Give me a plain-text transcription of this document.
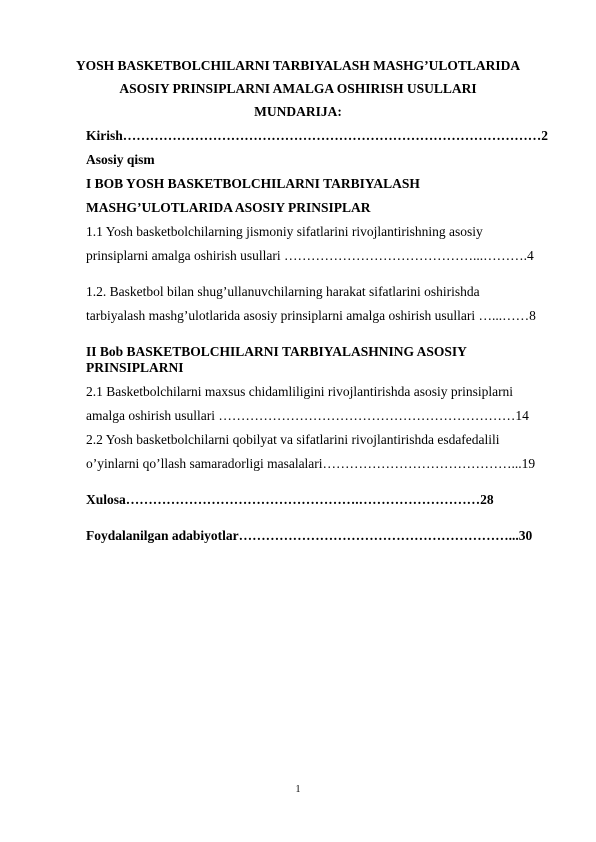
YOSH BASKETBOLCHILARNI TARBIYALASH MASHG’ULOTLARIDA
ASOSIY PRINSIPLARNI AMALGA OSHIRISH USULLARI
MUNDARIJA:
Kirish…………………………………………………………………………………2
Asosiy qism
I BOB YOSH BASKETBOLCHILARNI TARBIYALASH
MASHG’ULOTLARIDA ASOSIY PRINSIPLAR
1.1 Yosh basketbolchilarning jismoniy sifatlarini rivojlantirishning asosiy
prinsiplarni amalga oshirish usullari ……………………………………...……….4
1.2. Basketbol bilan shug’ullanuvchilarning harakat sifatlarini oshirishda
tarbiyalash mashg’ulotlarida asosiy prinsiplarni amalga oshirish usullari …...……8
II Bob BASKETBOLCHILARNI TARBIYALASHNING ASOSIY
PRINSIPLARNI
2.1 Basketbolchilarni maxsus chidamliligini rivojlantirishda asosiy prinsiplarni
amalga oshirish usullari …………………………………………………………14
2.2 Yosh basketbolchilarni qobilyat va sifatlarini rivojlantirishda esdafedalili
o’yinlarni qo’llash samaradorligi masalalari……………………………………...19
Xulosa…………………………………………….………………………28
Foydalanilgan adabiyotlar……………………………………………………...30
1
